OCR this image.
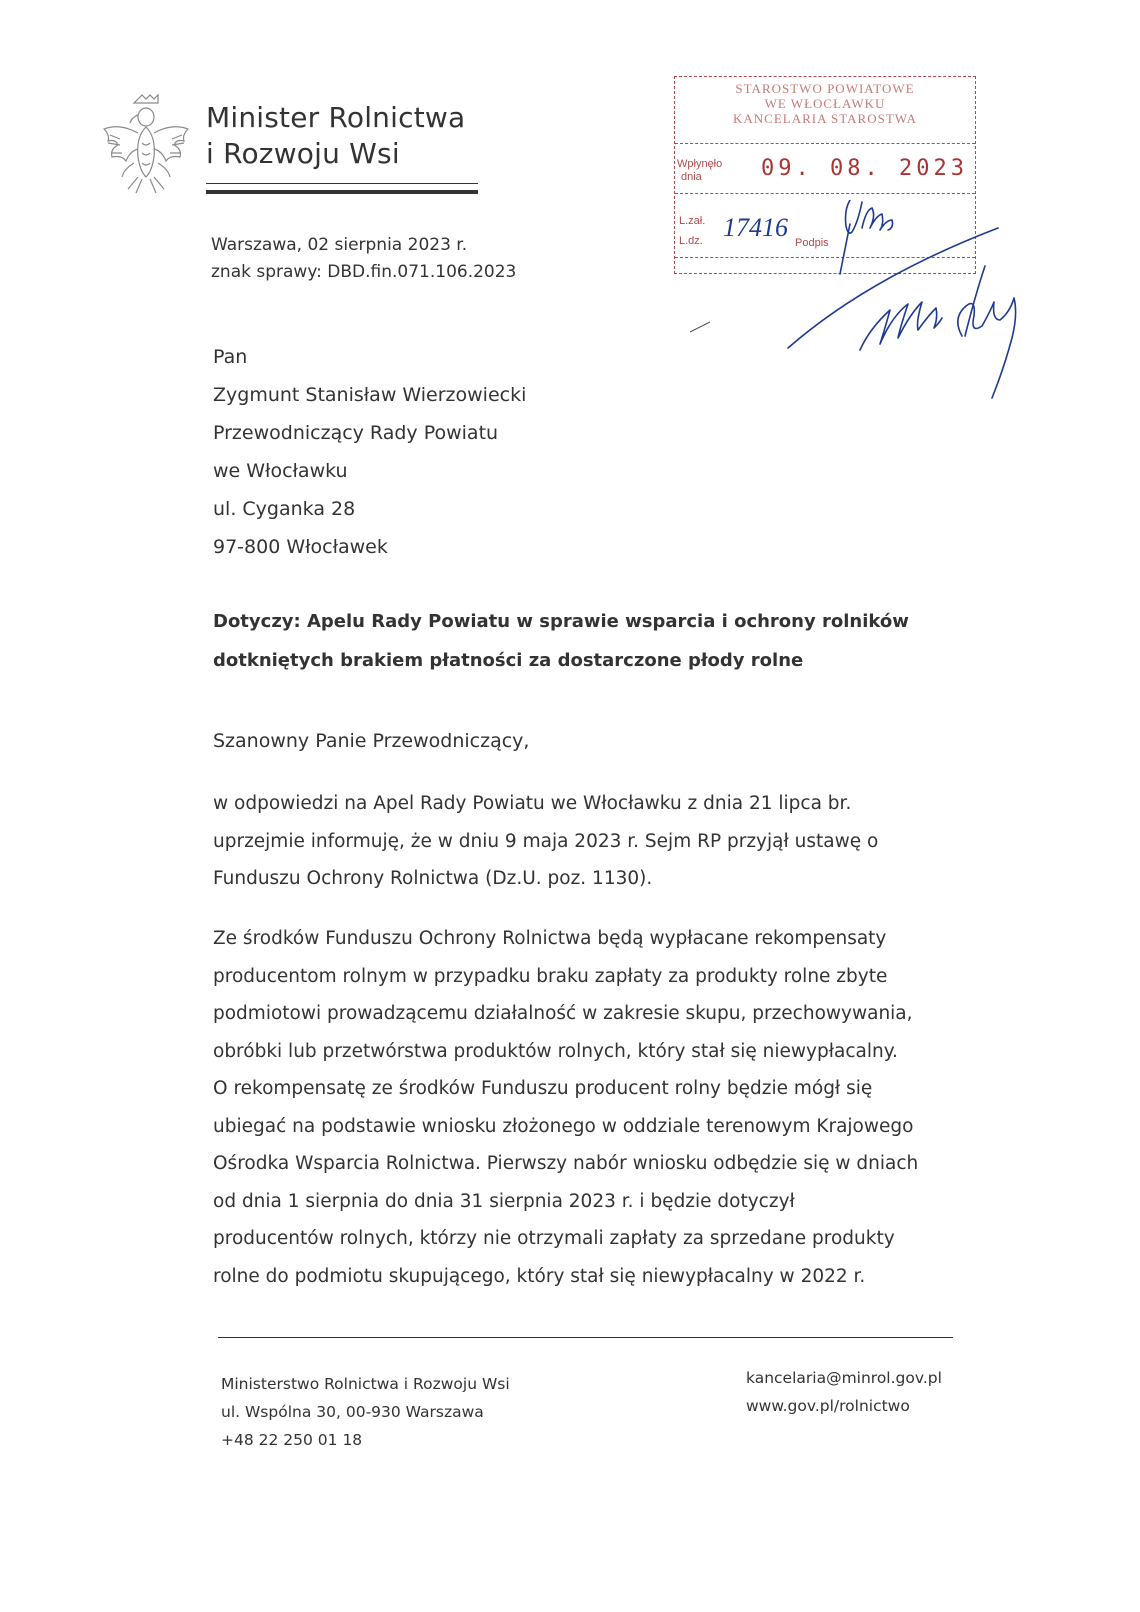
Minister Rolnictwa
i Rozwoju Wsi
Warszawa, 02 sierpnia 2023 r.
znak sprawy: DBD.fin.071.106.2023
STAROSTWO POWIATOWE
WE WŁOCŁAWKU
KANCELARIA STAROSTWA
Wpłynęło
dnia	09. 08. 2023
L.zał.
L.dz. 17416
Podpis
Pan
Zygmunt Stanisław Wierzowiecki
Przewodniczący Rady Powiatu
we Włocławku
ul. Cyganka 28
97-800 Włocławek
Dotyczy: Apelu Rady Powiatu w sprawie wsparcia i ochrony rolników
dotkniętych brakiem płatności za dostarczone płody rolne
Szanowny Panie Przewodniczący,
w odpowiedzi na Apel Rady Powiatu we Włocławku z dnia 21 lipca br.
uprzejmie informuję, że w dniu 9 maja 2023 r. Sejm RP przyjął ustawę o
Funduszu Ochrony Rolnictwa (Dz.U. poz. 1130).
Ze środków Funduszu Ochrony Rolnictwa będą wypłacane rekompensaty
producentom rolnym w przypadku braku zapłaty za produkty rolne zbyte
podmiotowi prowadzącemu działalność w zakresie skupu, przechowywania,
obróbki lub przetwórstwa produktów rolnych, który stał się niewypłacalny.
O rekompensatę ze środków Funduszu producent rolny będzie mógł się
ubiegać na podstawie wniosku złożonego w oddziale terenowym Krajowego
Ośrodka Wsparcia Rolnictwa. Pierwszy nabór wniosku odbędzie się w dniach
od dnia 1 sierpnia do dnia 31 sierpnia 2023 r. i będzie dotyczył
producentów rolnych, którzy nie otrzymali zapłaty za sprzedane produkty
rolne do podmiotu skupującego, który stał się niewypłacalny w 2022 r.
Ministerstwo Rolnictwa i Rozwoju Wsi
ul. Wspólna 30, 00-930 Warszawa
+48 22 250 01 18
kancelaria@minrol.gov.pl
www.gov.pl/rolnictwo
